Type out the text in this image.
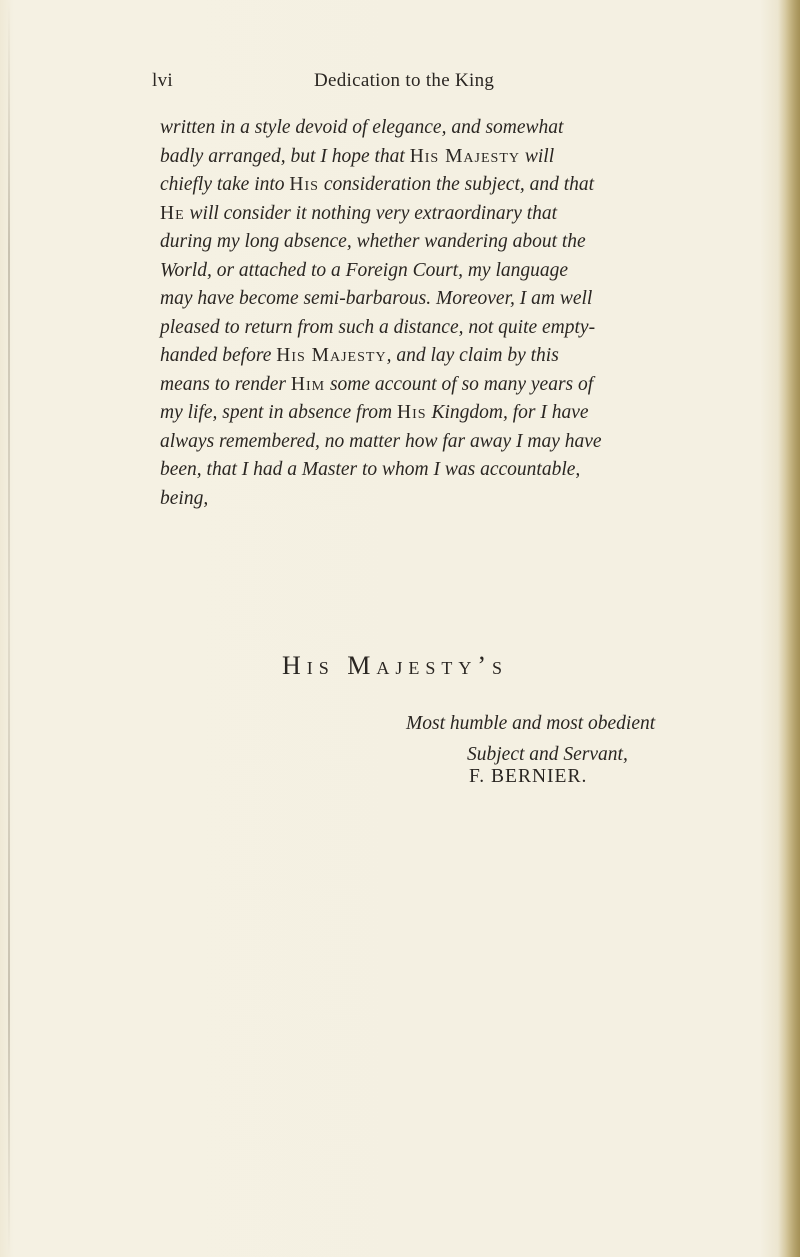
lvi	Dedication to the King
written in a style devoid of elegance, and somewhat
badly arranged, but I hope that His Majesty will
chiefly take into His consideration the subject, and that
He will consider it nothing very extraordinary that
during my long absence, whether wandering about the
World, or attached to a Foreign Court, my language
may have become semi-barbarous. Moreover, I am well
pleased to return from such a distance, not quite empty-
handed before His Majesty, and lay claim by this
means to render Him some account of so many years of
my life, spent in absence from His Kingdom, for I have
always remembered, no matter how far away I may have
been, that I had a Master to whom I was accountable,
being,
His Majesty’s
Most humble and most obedient
Subject and Servant,
F. BERNIER.
